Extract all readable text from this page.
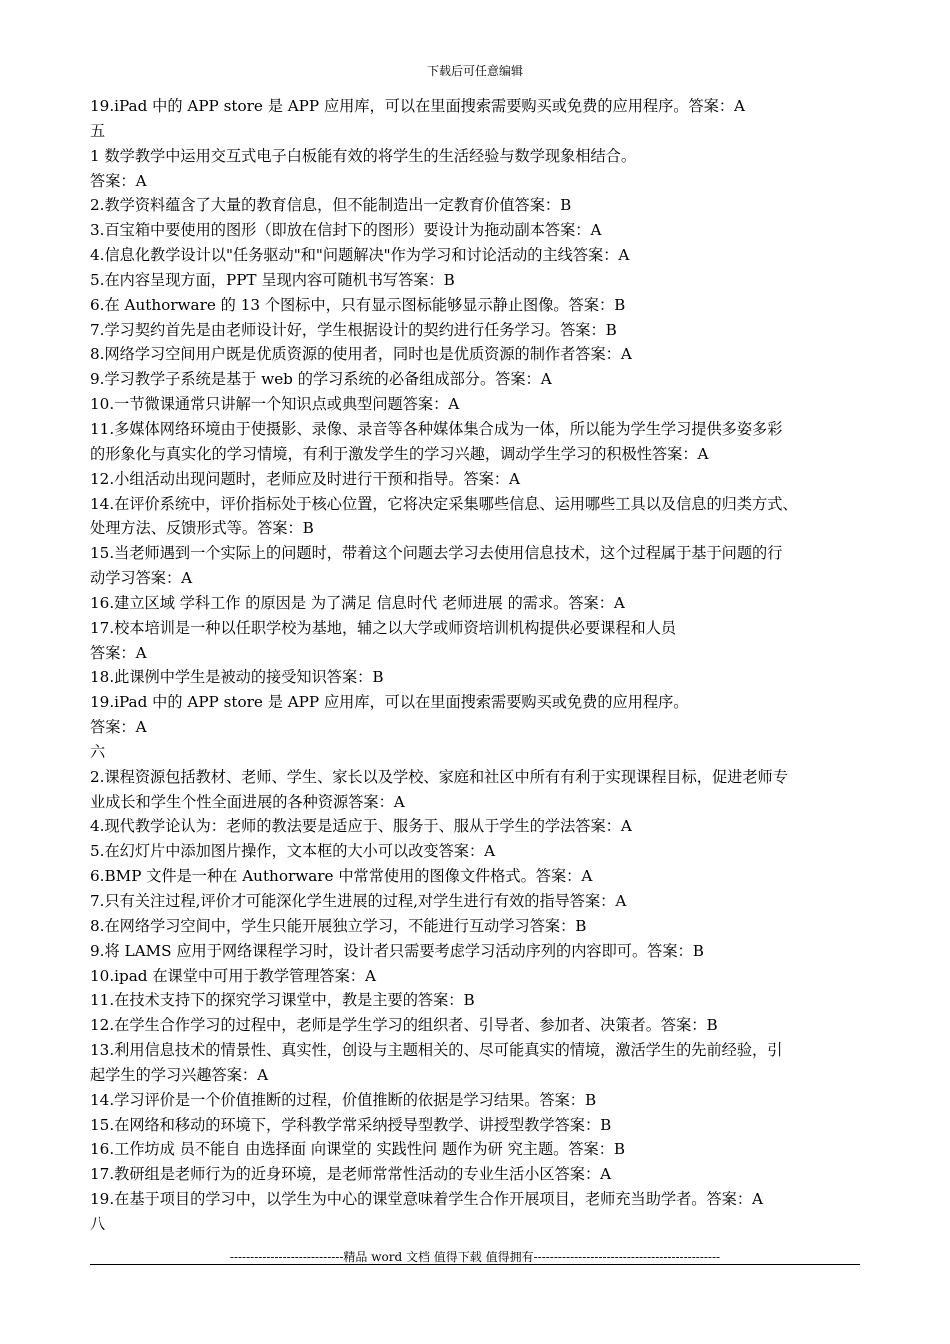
下载后可任意编辑
19.iPad 中的 APP store 是 APP 应用库，可以在里面搜索需要购买或免费的应用程序。答案：A
五
1 数学教学中运用交互式电子白板能有效的将学生的生活经验与数学现象相结合。
答案：A
2.教学资料蕴含了大量的教育信息，但不能制造出一定教育价值答案：B
3.百宝箱中要使用的图形（即放在信封下的图形）要设计为拖动副本答案：A
4.信息化教学设计以"任务驱动"和"问题解决"作为学习和讨论活动的主线答案：A
5.在内容呈现方面，PPT 呈现内容可随机书写答案：B
6.在 Authorware 的 13 个图标中，只有显示图标能够显示静止图像。答案：B
7.学习契约首先是由老师设计好，学生根据设计的契约进行任务学习。答案：B
8.网络学习空间用户既是优质资源的使用者，同时也是优质资源的制作者答案：A
9.学习教学子系统是基于 web 的学习系统的必备组成部分。答案：A
10.一节微课通常只讲解一个知识点或典型问题答案：A
11.多媒体网络环境由于使摄影、录像、录音等各种媒体集合成为一体，所以能为学生学习提供多姿多彩
的形象化与真实化的学习情境，有利于激发学生的学习兴趣，调动学生学习的积极性答案：A
12.小组活动出现问题时，老师应及时进行干预和指导。答案：A
14.在评价系统中，评价指标处于核心位置，它将决定采集哪些信息、运用哪些工具以及信息的归类方式、
处理方法、反馈形式等。答案：B
15.当老师遇到一个实际上的问题时，带着这个问题去学习去使用信息技术，这个过程属于基于问题的行
动学习答案：A
16.建立区域 学科工作 的原因是 为了满足 信息时代 老师进展 的需求。答案：A
17.校本培训是一种以任职学校为基地，辅之以大学或师资培训机构提供必要课程和人员
答案：A
18.此课例中学生是被动的接受知识答案：B
19.iPad 中的 APP store 是 APP 应用库，可以在里面搜索需要购买或免费的应用程序。
答案：A
六
2.课程资源包括教材、老师、学生、家长以及学校、家庭和社区中所有有利于实现课程目标，促进老师专
业成长和学生个性全面进展的各种资源答案：A
4.现代教学论认为：老师的教法要是适应于、服务于、服从于学生的学法答案：A
5.在幻灯片中添加图片操作，文本框的大小可以改变答案：A
6.BMP 文件是一种在 Authorware 中常常使用的图像文件格式。答案：A
7.只有关注过程,评价才可能深化学生进展的过程,对学生进行有效的指导答案：A
8.在网络学习空间中，学生只能开展独立学习，不能进行互动学习答案：B
9.将 LAMS 应用于网络课程学习时，设计者只需要考虑学习活动序列的内容即可。答案：B
10.ipad 在课堂中可用于教学管理答案：A
11.在技术支持下的探究学习课堂中，教是主要的答案：B
12.在学生合作学习的过程中，老师是学生学习的组织者、引导者、参加者、决策者。答案：B
13.利用信息技术的情景性、真实性，创设与主题相关的、尽可能真实的情境，激活学生的先前经验，引
起学生的学习兴趣答案：A
14.学习评价是一个价值推断的过程，价值推断的依据是学习结果。答案：B
15.在网络和移动的环境下，学科教学常采纳授导型教学、讲授型教学答案：B
16.工作坊成 员不能自 由选择面 向课堂的 实践性问 题作为研 究主题。答案：B
17.教研组是老师行为的近身环境，是老师常常性活动的专业生活小区答案：A
19.在基于项目的学习中，以学生为中心的课堂意味着学生合作开展项目，老师充当助学者。答案：A
八
----------------------------精品 word 文档 值得下载 值得拥有----------------------------------------------
